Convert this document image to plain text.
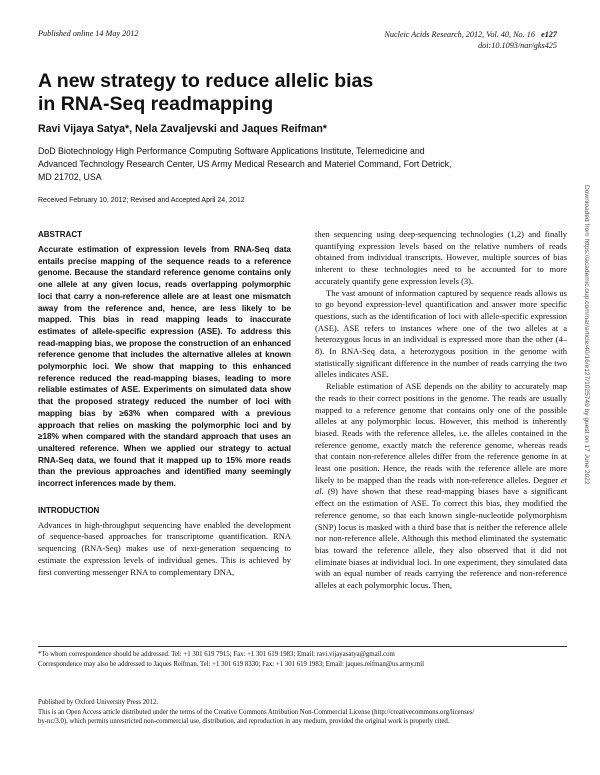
Published online 14 May 2012	Nucleic Acids Research, 2012, Vol. 40, No. 16 e127
doi:10.1093/nar/gks425
A new strategy to reduce allelic bias
in RNA-Seq readmapping
Ravi Vijaya Satya*, Nela Zavaljevski and Jaques Reifman*
DoD Biotechnology High Performance Computing Software Applications Institute, Telemedicine and
Advanced Technology Research Center, US Army Medical Research and Materiel Command, Fort Detrick,
MD 21702, USA
Received February 10, 2012; Revised and Accepted April 24, 2012
ABSTRACT

Accurate estimation of expression levels from RNA-Seq data entails precise mapping of the sequence reads to a reference genome. Because the standard reference genome contains only one allele at any given locus, reads overlapping polymorphic loci that carry a non-reference allele are at least one mismatch away from the reference and, hence, are less likely to be mapped. This bias in read mapping leads to inaccurate estimates of allele-specific expression (ASE). To address this read-mapping bias, we propose the construction of an enhanced reference genome that includes the alternative alleles at known polymorphic loci. We show that mapping to this enhanced reference reduced the read-mapping biases, leading to more reliable estimates of ASE. Experiments on simulated data show that the proposed strategy reduced the number of loci with mapping bias by ≥63% when compared with a previous approach that relies on masking the polymorphic loci and by ≥18% when compared with the standard approach that uses an unaltered reference. When we applied our strategy to actual RNA-Seq data, we found that it mapped up to 15% more reads than the previous approaches and identified many seemingly incorrect inferences made by them.

INTRODUCTION

Advances in high-throughput sequencing have enabled the development of sequence-based approaches for transcriptome quantification. RNA sequencing (RNA-Seq) makes use of next-generation sequencing to estimate the expression levels of individual genes. This is achieved by first converting messenger RNA to complementary DNA,

then sequencing using deep-sequencing technologies (1,2) and finally quantifying expression levels based on the relative numbers of reads obtained from individual transcripts. However, multiple sources of bias inherent to these technologies need to be accounted for to more accurately quantify gene expression levels (3).

The vast amount of information captured by sequence reads allows us to go beyond expression-level quantification and answer more specific questions, such as the identification of loci with allele-specific expression (ASE). ASE refers to instances where one of the two alleles at a heterozygous locus in an individual is expressed more than the other (4–8). In RNA-Seq data, a heterozygous position in the genome with statistically significant difference in the number of reads carrying the two alleles indicates ASE.

Reliable estimation of ASE depends on the ability to accurately map the reads to their correct positions in the genome. The reads are usually mapped to a reference genome that contains only one of the possible alleles at any polymorphic locus. However, this method is inherently biased. Reads with the reference alleles, i.e. the alleles contained in the reference genome, exactly match the reference genome, whereas reads that contain non-reference alleles differ from the reference genome in at least one position. Hence, the reads with the reference allele are more likely to be mapped than the reads with non-reference alleles. Degner et al. (9) have shown that these read-mapping biases have a significant effect on the estimation of ASE. To correct this bias, they modified the reference genome, so that each known single-nucleotide polymorphism (SNP) locus is masked with a third base that is neither the reference allele nor non-reference allele. Although this method eliminated the systematic bias toward the reference allele, they also observed that it did not eliminate biases at individual loci. In one experiment, they simulated data with an equal number of reads carrying the reference and non-reference alleles at each polymorphic locus. Then,

*To whom correspondence should be addressed. Tel: +1 301 619 7915; Fax: +1 301 619 1983; Email: ravi.vijayasatya@gmail.com
Correspondence may also be addressed to Jaques Reifman. Tel: +1 301 619 8330; Fax: +1 301 619 1983; Email: jaques.reifman@us.army.mil
Published by Oxford University Press 2012.
This is an Open Access article distributed under the terms of the Creative Commons Attribution Non-Commercial License (http://creativecommons.org/licenses/
by-nc/3.0), which permits unrestricted non-commercial use, distribution, and reproduction in any medium, provided the original work is properly cited.
Downloaded from https://academic.oup.com/nar/article/40/16/e127/1025749 by guest on 17 June 2022
